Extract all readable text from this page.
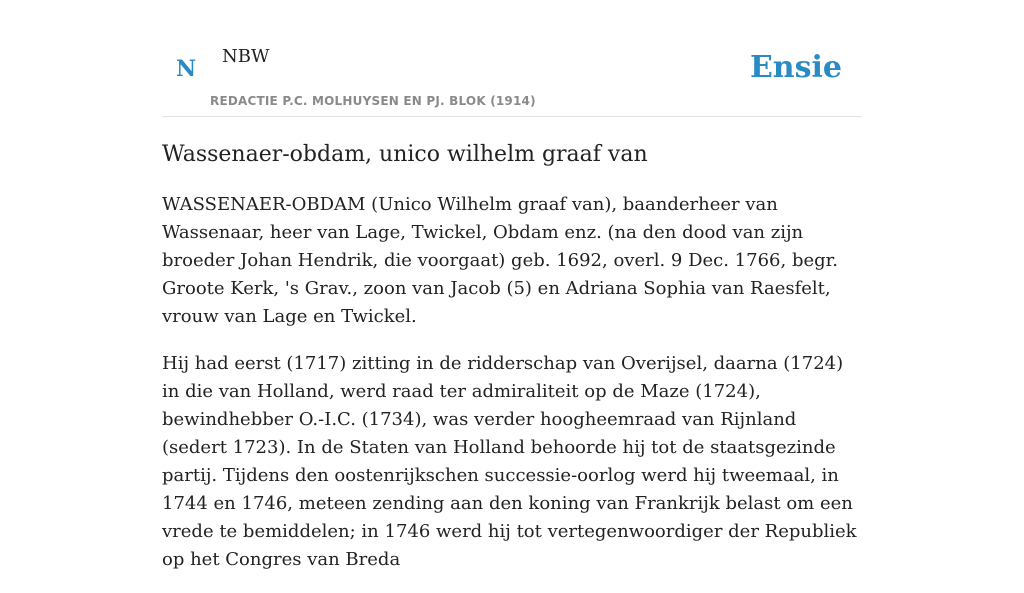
N NBW
REDACTIE P.C. MOLHUYSEN EN PJ. BLOK (1914)
Ensie
Wassenaer-obdam, unico wilhelm graaf van

WASSENAER-OBDAM (Unico Wilhelm graaf van), baanderheer van Wassenaar, heer van Lage, Twickel, Obdam enz. (na den dood van zijn broeder Johan Hendrik, die voorgaat) geb. 1692, overl. 9 Dec. 1766, begr. Groote Kerk, 's Grav., zoon van Jacob (5) en Adriana Sophia van Raesfelt, vrouw van Lage en Twickel.

Hij had eerst (1717) zitting in de ridderschap van Overijsel, daarna (1724) in die van Holland, werd raad ter admiraliteit op de Maze (1724), bewindhebber O.-I.C. (1734), was verder hoogheemraad van Rijnland (sedert 1723). In de Staten van Holland behoorde hij tot de staatsgezinde partij. Tijdens den oostenrijkschen successie-oorlog werd hij tweemaal, in 1744 en 1746, meteen zending aan den koning van Frankrijk belast om een vrede te bemiddelen; in 1746 werd hij tot vertegenwoordiger der Republiek op het Congres van Breda
